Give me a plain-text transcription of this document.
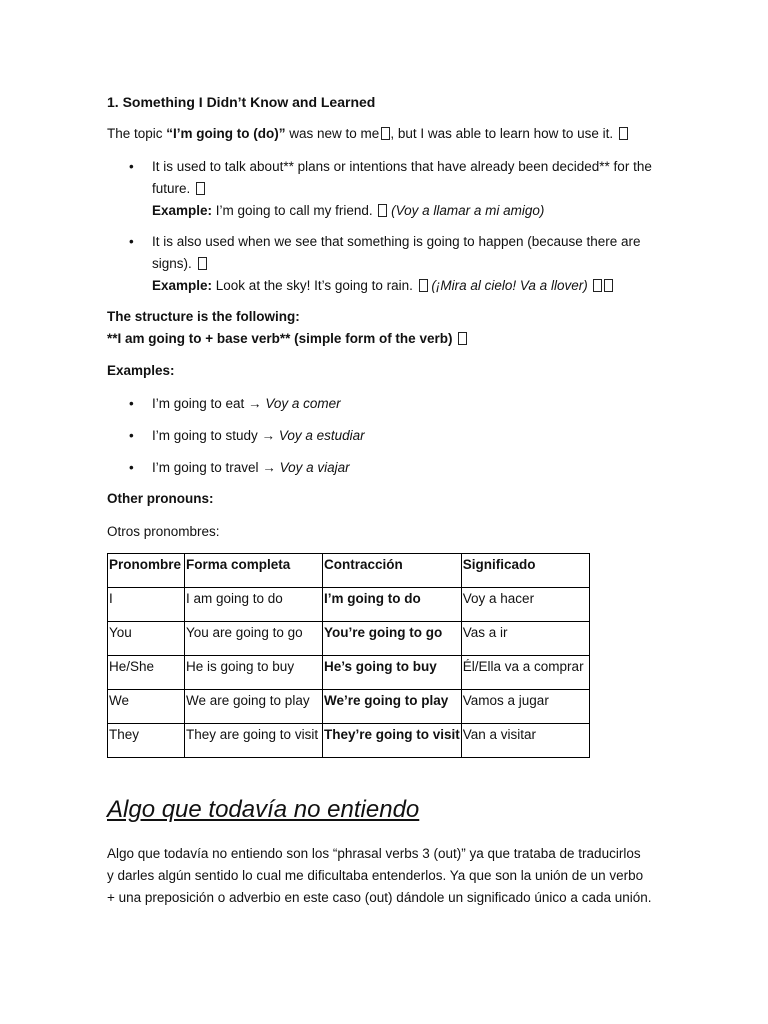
1. Something I Didn’t Know and Learned
The topic “I’m going to (do)” was new to me , but I was able to learn how to use it.
• It is used to talk about** plans or intentions that have already been decided** for the future.
Example: I’m going to call my friend.  (Voy a llamar a mi amigo)
• It is also used when we see that something is going to happen (because there are signs).
Example: Look at the sky! It’s going to rain.  (¡Mira al cielo! Va a llover)
The structure is the following:
**I am going to + base verb** (simple form of the verb)
Examples:
• I’m going to eat → Voy a comer
• I’m going to study → Voy a estudiar
• I’m going to travel → Voy a viajar
Other pronouns:
Otros pronombres:
Pronombre	Forma completa	Contracción	Significado
I	I am going to do	I’m going to do	Voy a hacer
You	You are going to go	You’re going to go	Vas a ir
He/She	He is going to buy	He’s going to buy	Él/Ella va a comprar
We	We are going to play	We’re going to play	Vamos a jugar
They	They are going to visit	They’re going to visit	Van a visitar
Algo que todavía no entiendo
Algo que todavía no entiendo son los “phrasal verbs 3 (out)” ya que trataba de traducirlos
y darles algún sentido lo cual me dificultaba entenderlos. Ya que son la unión de un verbo
+ una preposición o adverbio en este caso (out) dándole un significado único a cada unión.
